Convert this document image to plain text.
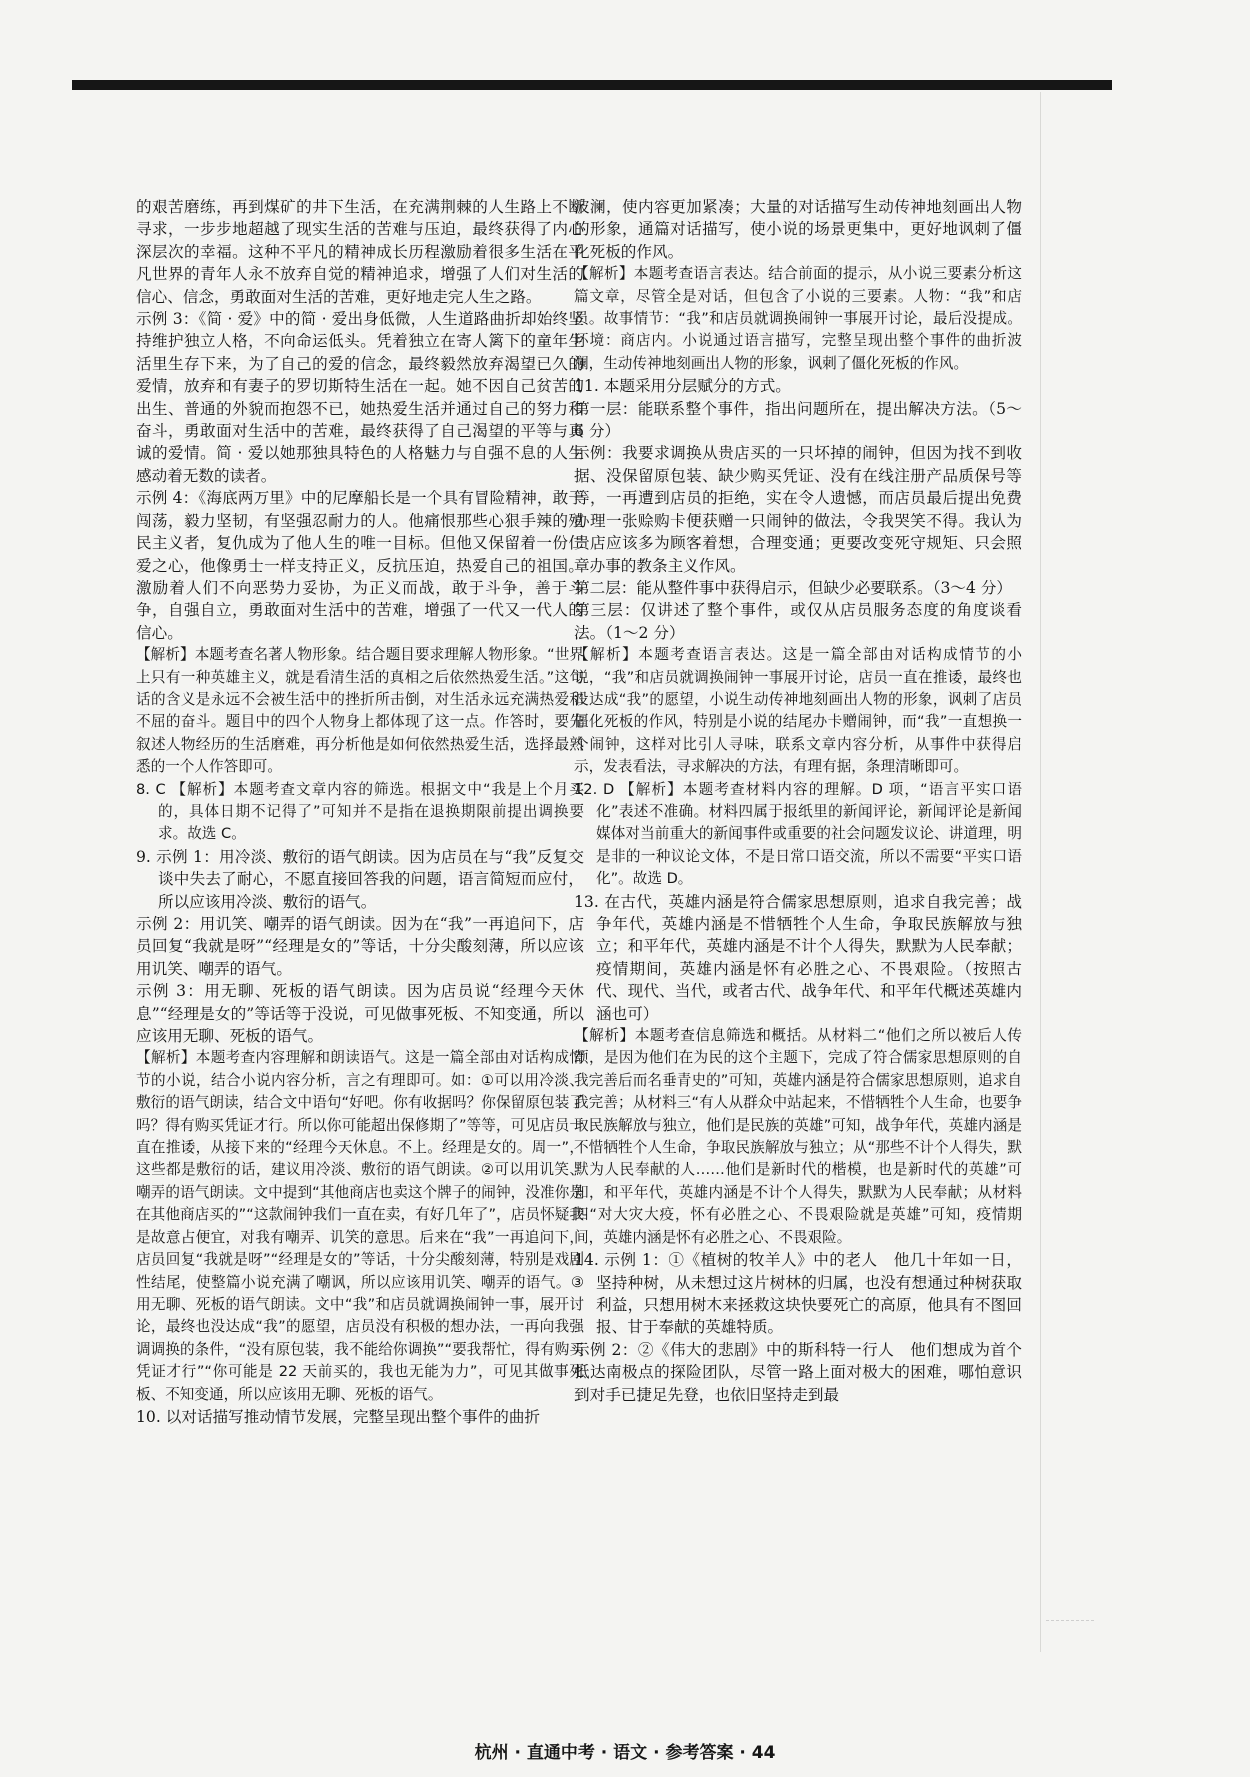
的艰苦磨练，再到煤矿的井下生活，在充满荆棘的人生路上不断寻求，一步步地超越了现实生活的苦难与压迫，最终获得了内心深层次的幸福。这种不平凡的精神成长历程激励着很多生活在平凡世界的青年人永不放弃自觉的精神追求，增强了人们对生活的信心、信念，勇敢面对生活的苦难，更好地走完人生之路。

示例 3：《简 · 爱》中的简 · 爱出身低微，人生道路曲折却始终坚持维护独立人格，不向命运低头。凭着独立在寄人篱下的童年生活里生存下来，为了自己的爱的信念，最终毅然放弃渴望已久的爱情，放弃和有妻子的罗切斯特生活在一起。她不因自己贫苦的出生、普通的外貌而抱怨不已，她热爱生活并通过自己的努力和奋斗，勇敢面对生活中的苦难，最终获得了自己渴望的平等与真诚的爱情。简 · 爱以她那独具特色的人格魅力与自强不息的人生感动着无数的读者。

示例 4：《海底两万里》中的尼摩船长是一个具有冒险精神，敢于闯荡，毅力坚韧，有坚强忍耐力的人。他痛恨那些心狠手辣的殖民主义者，复仇成为了他人生的唯一目标。但他又保留着一份仁爱之心，他像勇士一样支持正义，反抗压迫，热爱自己的祖国。激励着人们不向恶势力妥协，为正义而战，敢于斗争，善于斗争，自强自立，勇敢面对生活中的苦难，增强了一代又一代人的信心。

【解析】本题考查名著人物形象。结合题目要求理解人物形象。“世界上只有一种英雄主义，就是看清生活的真相之后依然热爱生活。”这句话的含义是永远不会被生活中的挫折所击倒，对生活永远充满热爱和不屈的奋斗。题目中的四个人物身上都体现了这一点。作答时，要先叙述人物经历的生活磨难，再分析他是如何依然热爱生活，选择最熟悉的一个人作答即可。

8. C 【解析】本题考查文章内容的筛选。根据文中“我是上个月买的，具体日期不记得了”可知并不是指在退换期限前提出调换要求。故选 C。

9. 示例 1：用冷淡、敷衍的语气朗读。因为店员在与“我”反复交谈中失去了耐心，不愿直接回答我的问题，语言简短而应付，所以应该用冷淡、敷衍的语气。

示例 2：用讥笑、嘲弄的语气朗读。因为在“我”一再追问下，店员回复“我就是呀”“经理是女的”等话，十分尖酸刻薄，所以应该用讥笑、嘲弄的语气。

示例 3：用无聊、死板的语气朗读。因为店员说“经理今天休息”“经理是女的”等话等于没说，可见做事死板、不知变通，所以应该用无聊、死板的语气。

【解析】本题考查内容理解和朗读语气。这是一篇全部由对话构成情节的小说，结合小说内容分析，言之有理即可。如：①可以用冷淡、敷衍的语气朗读，结合文中语句“好吧。你有收据吗？你保留原包装了吗？得有购买凭证才行。所以你可能超出保修期了”等等，可见店员一直在推诿，从接下来的“经理今天休息。不上。经理是女的。周一”，这些都是敷衍的话，建议用冷淡、敷衍的语气朗读。②可以用讥笑、嘲弄的语气朗读。文中提到“其他商店也卖这个牌子的闹钟，没准你是在其他商店买的”“这款闹钟我们一直在卖，有好几年了”，店员怀疑我是故意占便宜，对我有嘲弄、讥笑的意思。后来在“我”一再追问下，店员回复“我就是呀”“经理是女的”等话，十分尖酸刻薄，特别是戏剧性结尾，使整篇小说充满了嘲讽，所以应该用讥笑、嘲弄的语气。③用无聊、死板的语气朗读。文中“我”和店员就调换闹钟一事，展开讨论，最终也没达成“我”的愿望，店员没有积极的想办法，一再向我强调调换的条件，“没有原包装，我不能给你调换”“要我帮忙，得有购买凭证才行”“你可能是 22 天前买的，我也无能为力”，可见其做事死板、不知变通，所以应该用无聊、死板的语气。

10. 以对话描写推动情节发展，完整呈现出整个事件的曲折

波澜，使内容更加紧凑；大量的对话描写生动传神地刻画出人物的形象，通篇对话描写，使小说的场景更集中，更好地讽刺了僵化死板的作风。

【解析】本题考查语言表达。结合前面的提示，从小说三要素分析这篇文章，尽管全是对话，但包含了小说的三要素。人物：“我”和店员。故事情节：“我”和店员就调换闹钟一事展开讨论，最后没提成。环境：商店内。小说通过语言描写，完整呈现出整个事件的曲折波澜，生动传神地刻画出人物的形象，讽刺了僵化死板的作风。

11. 本题采用分层赋分的方式。

第一层：能联系整个事件，指出问题所在，提出解决方法。（5～6 分）

示例：我要求调换从贵店买的一只坏掉的闹钟，但因为找不到收据、没保留原包装、缺少购买凭证、没有在线注册产品质保号等等，一再遭到店员的拒绝，实在令人遗憾，而店员最后提出免费办理一张赊购卡便获赠一只闹钟的做法，令我哭笑不得。我认为贵店应该多为顾客着想，合理变通；更要改变死守规矩、只会照章办事的教条主义作风。

第二层：能从整件事中获得启示，但缺少必要联系。（3～4 分）

第三层：仅讲述了整个事件，或仅从店员服务态度的角度谈看法。（1～2 分）

【解析】本题考查语言表达。这是一篇全部由对话构成情节的小说，“我”和店员就调换闹钟一事展开讨论，店员一直在推诿，最终也没达成“我”的愿望，小说生动传神地刻画出人物的形象，讽刺了店员僵化死板的作风，特别是小说的结尾办卡赠闹钟，而“我”一直想换一个闹钟，这样对比引人寻味，联系文章内容分析，从事件中获得启示，发表看法，寻求解决的方法，有理有据，条理清晰即可。

12. D 【解析】本题考查材料内容的理解。D 项，“语言平实口语化”表述不准确。材料四属于报纸里的新闻评论，新闻评论是新闻媒体对当前重大的新闻事件或重要的社会问题发议论、讲道理，明是非的一种议论文体，不是日常口语交流，所以不需要“平实口语化”。故选 D。

13. 在古代，英雄内涵是符合儒家思想原则，追求自我完善；战争年代，英雄内涵是不惜牺牲个人生命，争取民族解放与独立；和平年代，英雄内涵是不计个人得失，默默为人民奉献；疫情期间，英雄内涵是怀有必胜之心、不畏艰险。（按照古代、现代、当代，或者古代、战争年代、和平年代概述英雄内涵也可）

【解析】本题考查信息筛选和概括。从材料二“他们之所以被后人传颂，是因为他们在为民的这个主题下，完成了符合儒家思想原则的自我完善后而名垂青史的”可知，英雄内涵是符合儒家思想原则，追求自我完善；从材料三“有人从群众中站起来，不惜牺牲个人生命，也要争取民族解放与独立，他们是民族的英雄”可知，战争年代，英雄内涵是不惜牺牲个人生命，争取民族解放与独立；从“那些不计个人得失，默默为人民奉献的人……他们是新时代的楷模，也是新时代的英雄”可知，和平年代，英雄内涵是不计个人得失，默默为人民奉献；从材料四“对大灾大疫，怀有必胜之心、不畏艰险就是英雄”可知，疫情期间，英雄内涵是怀有必胜之心、不畏艰险。

14. 示例 1：①《植树的牧羊人》中的老人　他几十年如一日，坚持种树，从未想过这片树林的归属，也没有想通过种树获取利益，只想用树木来拯救这块快要死亡的高原，他具有不图回报、甘于奉献的英雄特质。

示例 2：②《伟大的悲剧》中的斯科特一行人　他们想成为首个抵达南极点的探险团队，尽管一路上面对极大的困难，哪怕意识到对手已捷足先登，也依旧坚持走到最

杭州 · 直通中考 · 语文 · 参考答案 · 44
